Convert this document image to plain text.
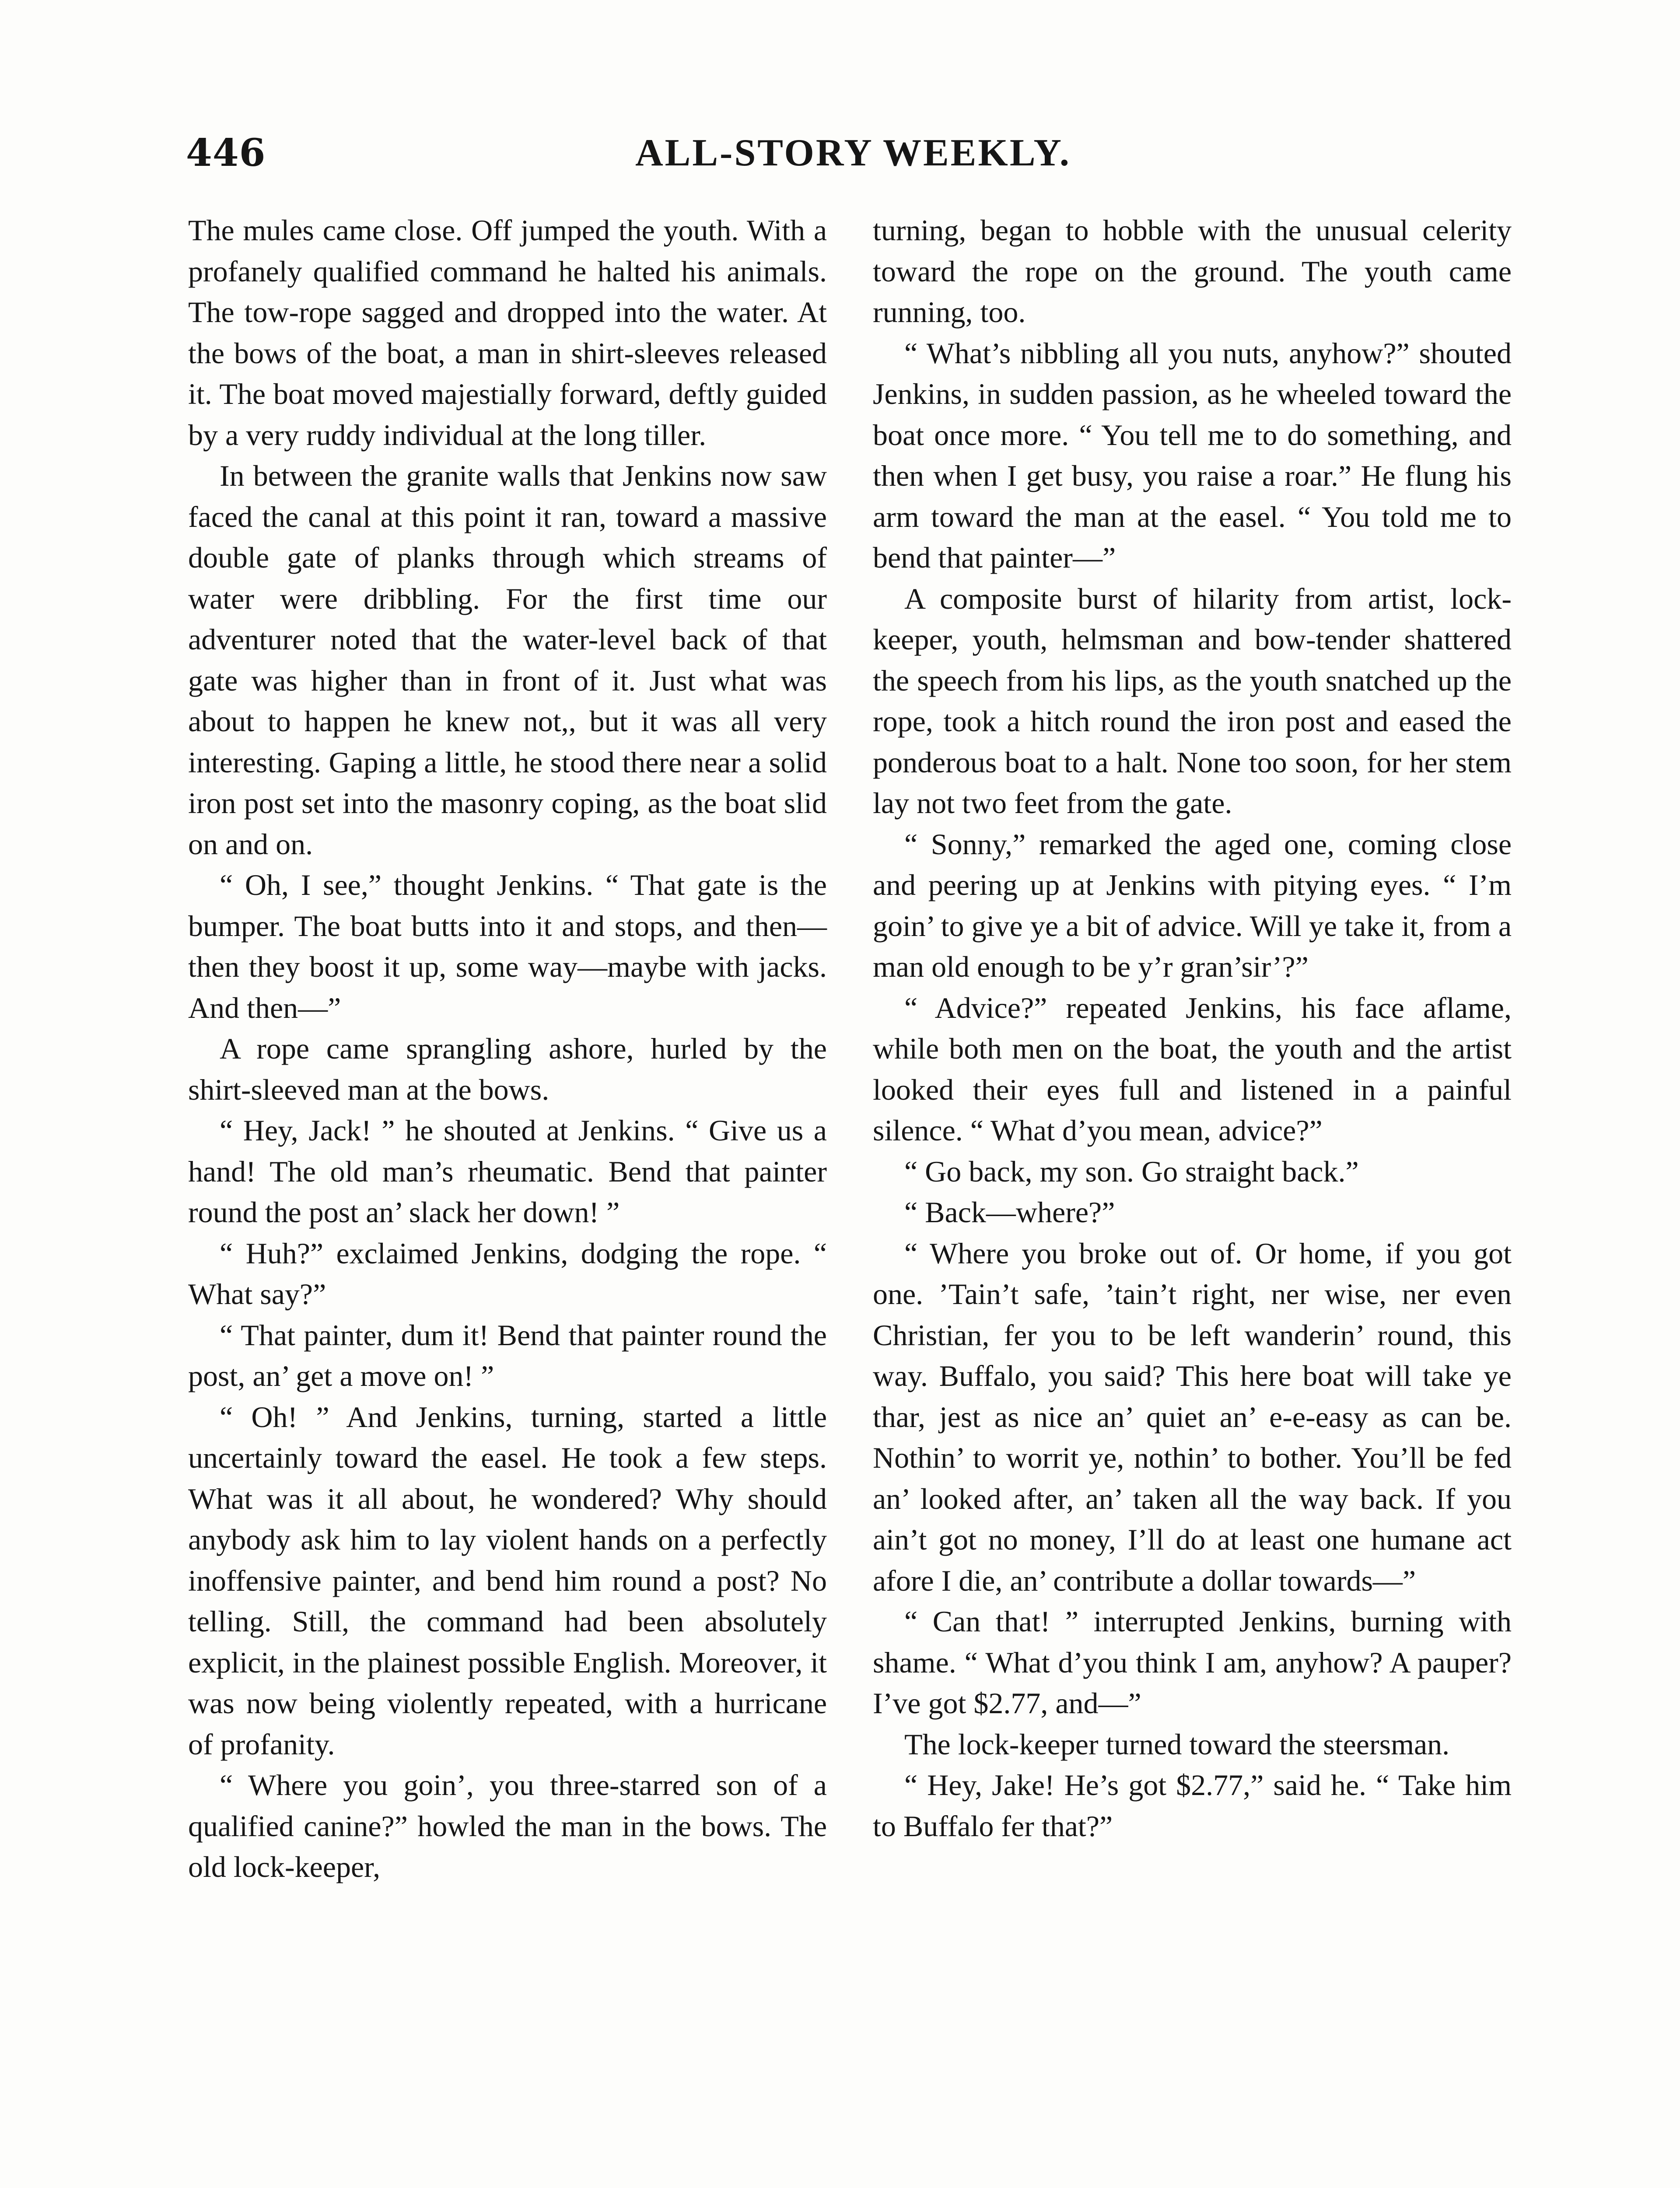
446	ALL-STORY WEEKLY.

The mules came close. Off jumped the youth. With a profanely qualified command he halted his animals. The tow-rope sagged and dropped into the water. At the bows of the boat, a man in shirt-sleeves released it. The boat moved majestially forward, deftly guided by a very ruddy individual at the long tiller.

In between the granite walls that Jenkins now saw faced the canal at this point it ran, toward a massive double gate of planks through which streams of water were dribbling. For the first time our adventurer noted that the water-level back of that gate was higher than in front of it. Just what was about to happen he knew not,, but it was all very interesting. Gaping a little, he stood there near a solid iron post set into the masonry coping, as the boat slid on and on.

“ Oh, I see,” thought Jenkins. “ That gate is the bumper. The boat butts into it and stops, and then—then they boost it up, some way—maybe with jacks. And then—”

A rope came sprangling ashore, hurled by the shirt-sleeved man at the bows.

“ Hey, Jack! ” he shouted at Jenkins. “ Give us a hand! The old man’s rheumatic. Bend that painter round the post an’ slack her down! ”

“ Huh?” exclaimed Jenkins, dodging the rope. “ What say?”

“ That painter, dum it! Bend that painter round the post, an’ get a move on! ”

“ Oh! ” And Jenkins, turning, started a little uncertainly toward the easel. He took a few steps. What was it all about, he wondered? Why should anybody ask him to lay violent hands on a perfectly inoffensive painter, and bend him round a post? No telling. Still, the command had been absolutely explicit, in the plainest possible English. Moreover, it was now being violently repeated, with a hurricane of profanity.

“ Where you goin’, you three-starred son of a qualified canine?” howled the man in the bows. The old lock-keeper,

turning, began to hobble with the unusual celerity toward the rope on the ground. The youth came running, too.

“ What’s nibbling all you nuts, anyhow?” shouted Jenkins, in sudden passion, as he wheeled toward the boat once more. “ You tell me to do something, and then when I get busy, you raise a roar.” He flung his arm toward the man at the easel. “ You told me to bend that painter—”

A composite burst of hilarity from artist, lock-keeper, youth, helmsman and bow-tender shattered the speech from his lips, as the youth snatched up the rope, took a hitch round the iron post and eased the ponderous boat to a halt. None too soon, for her stem lay not two feet from the gate.

“ Sonny,” remarked the aged one, coming close and peering up at Jenkins with pitying eyes. “ I’m goin’ to give ye a bit of advice. Will ye take it, from a man old enough to be y’r gran’sir’?”

“ Advice?” repeated Jenkins, his face aflame, while both men on the boat, the youth and the artist looked their eyes full and listened in a painful silence. “ What d’you mean, advice?”

“ Go back, my son. Go straight back.”

“ Back—where?”

“ Where you broke out of. Or home, if you got one. ’Tain’t safe, ’tain’t right, ner wise, ner even Christian, fer you to be left wanderin’ round, this way. Buffalo, you said? This here boat will take ye thar, jest as nice an’ quiet an’ e-e-easy as can be. Nothin’ to worrit ye, nothin’ to bother. You’ll be fed an’ looked after, an’ taken all the way back. If you ain’t got no money, I’ll do at least one humane act afore I die, an’ contribute a dollar towards—”

“ Can that! ” interrupted Jenkins, burning with shame. “ What d’you think I am, anyhow? A pauper? I’ve got $2.77, and—”

The lock-keeper turned toward the steersman.

“ Hey, Jake! He’s got $2.77,” said he. “ Take him to Buffalo fer that?”
